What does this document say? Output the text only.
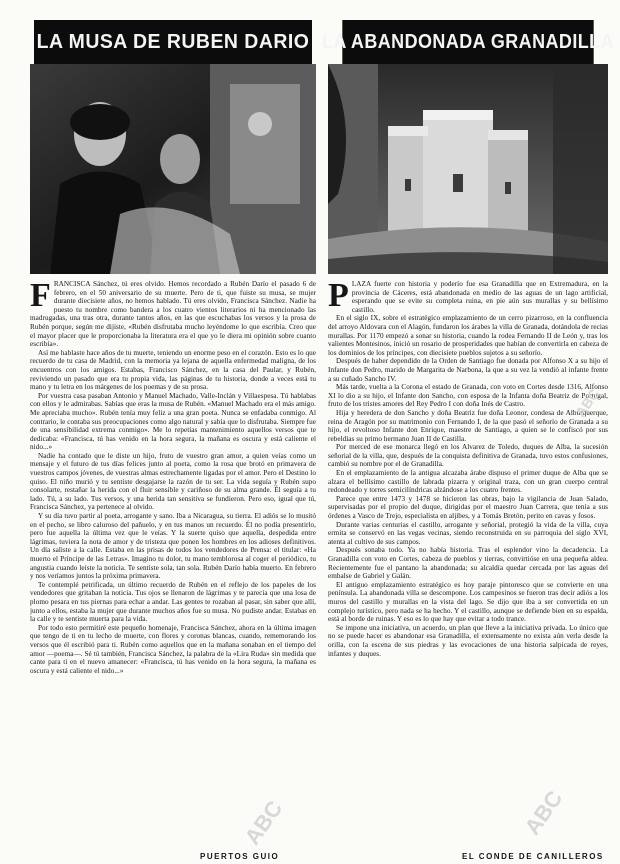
LA MUSA DE RUBEN DARIO

FRANCISCA Sánchez, tú eres olvido. Hemos recordado a Rubén Darío el pasado 6 de febrero, en el 50 aniversario de su muerte. Pero de ti, que fuiste su musa, se mujer durante diecisiete años, no hemos hablado. Tú eres olvido, Francisca Sánchez. Nadie ha puesto tu nombre como bandera a los cuatro vientos literarios ni ha mencionado las madrugadas, una tras otra, durante tantos años, en las que escuchabas los versos y la prosa de Rubén porque, según me dijiste, «Rubén disfrutaba mucho leyéndome lo que escribía. Creo que el mayor placer que le proporcionaba la literatura era el que yo le diera mi opinión sobre cuanto escribía».

Así me hablaste hace años de tu muerte, teniendo un enorme peso en el corazón. Esto es lo que recuerdo de tu casa de Madrid, con la memoria ya lejana de aquella enfermedad maligna, de los encuentros con los amigos. Estabas, Francisco Sánchez, en la casa del Paular, y Rubén, reviviendo un pasado que era tu propia vida, las páginas de tu historia, donde a veces está tu mano y tu letra en los márgenes de los poemas y de su prosa.

Por vuestra casa pasaban Antonio y Manuel Machado, Valle-Inclán y Villaespesa. Tú hablabas con ellos y le admirabas. Sabías que eras la musa de Rubén. «Manuel Machado era el más amigo. Me apreciaba mucho». Rubén tenía muy feliz a una gran poeta. Nunca se enfadaba conmigo. Al contrario, le contaba sus preocupaciones como algo natural y sabía que lo disfrutaba. Siempre fue de una sensibilidad extrema conmigo». Me lo repetías mantenimiento aquellos versos que te dedicaba: «Francisca, tú has venido en la hora segura, la mañana es oscura y está caliente el nido...»

Nadie ha contado que le diste un hijo, fruto de vuestro gran amor, a quien veías como un mensaje y el futuro de tus días felices junto al poeta, como la rosa que brotó en primavera de vuestros campos jóvenes, de vuestras almas estrechamente ligadas por el amor. Pero el Destino lo quiso. El niño murió y tu sentiste desgajarse la razón de tu ser. La vida seguía y Rubén supo consolarte, restañar la herida con el fluir sensible y cariñoso de su alma grande. Él seguía a tu lado. Tú, a su lado. Tus versos, y una herida tan sensitiva se fundieron. Pero eso, igual que tú, Francisca Sánchez, ya pertenece al olvido.

Y su día tuvo partir al poeta, arrogante y sano. Iba a Nicaragua, su tierra. El adiós se lo musitó en el pecho, se libro caluroso del pañuelo, y en tus manos un recuerdo. Él no podía presentirlo, pero fue aquella la última vez que le veías. Y la suerte quiso que aquella, despedida entre lágrimas, tuviera la nota de amor y de tristeza que ponen los hombres en los adioses definitivos. Un día saliste a la calle. Estaba en las prisas de todos los vendedores de Prensa: el titular: «Ha muerto el Príncipe de las Letras». Imagino tu dolor, tu mano temblorosa al coger el periódico, tu angustia cuando leíste la noticia. Te sentiste sola, tan sola. Rubén Darío había muerto. En febrero y nos veríamos juntos la próxima primavera.

Te contemplé petrificada, un último recuerdo de Rubén en el reflejo de los papeles de los vendedores que gritaban la noticia. Tus ojos se llenaron de lágrimas y te parecía que una losa de plomo pesara en tus piernas para echar a andar. Las gentes te rozaban al pasar, sin saber que allí, junto a ellos, estaba la mujer que durante muchos años fue su musa. No pudiste andar. Estabas en la calle y te sentiste muerta para la vida.

Por todo esto permitiré este pequeño homenaje, Francisca Sánchez, ahora en la última imagen que tengo de ti en tu lecho de muerte, con flores y coronas blancas, cuando, rememorando los versos que él escribió para ti. Rubén como aquellos que en la mañana sonaban en el tiempo del amor —poema—. Sé tú también, Francisca Sánchez, la palabra de la «Lira Ruda» sin medida que cante para ti en el nuevo amanecer: «Francisca, tú has venido en la hora segura, la mañana es oscura y está caliente el nido...»

LA ABANDONADA GRANADILLA

PLAZA fuerte con historia y poderío fue esa Granadilla que en Extremadura, en la provincia de Cáceres, está abandonada en medio de las aguas de un lago artificial, esperando que se evite su completa ruina, en pie aún sus murallas y su bellísimo castillo.

En el siglo IX, sobre el estratégico emplazamiento de un cerro pizarroso, en la confluencia del arroyo Aldovara con el Alagón, fundaron los árabes la villa de Granada, dotándola de recias murallas. Por 1170 empezó a sonar su historia, cuando la rodea Fernando II de León y, tras los valientes Montesinos, inició un rosario de prosperidades que habían de convertirla en cabeza de los dominios de los príncipes, con diecisiete pueblos sujetos a su señorío.

Después de haber dependido de la Orden de Santiago fue donada por Alfonso X a su hijo el Infante don Pedro, marido de Margarita de Narbona, la que a su vez la vendió al infante frente a su cuñado Sancho IV.

Más tarde, vuelta a la Corona el estado de Granada, con voto en Cortes desde 1316, Alfonso XI lo dio a su hijo, el Infante don Sancho, con esposa de la Infanta doña Beatriz de Portugal, fruto de los tristes amores del Rey Pedro I con doña Inés de Castro.

Hija y heredera de don Sancho y doña Beatriz fue doña Leonor, condesa de Alburquerque, reina de Aragón por su matrimonio con Fernando I, de la que pasó el señorío de Granada a su hijo, el revoltoso Infante don Enrique, maestre de Santiago, a quien se le confiscó por sus rebeldías su primo hermano Juan II de Castilla.

Por merced de ese monarca llegó en los Alvarez de Toledo, duques de Alba, la sucesión señorial de la villa, que, después de la conquista definitiva de Granada, tuvo estos confusiones, cambió su nombre por el de Granadilla.

En el emplazamiento de la antigua alcazaba árabe dispuso el primer duque de Alba que se alzara el bellísimo castillo de labrada pizarra y original traza, con un gran cuerpo central redondeado y torres semicilíndricas alzándose a los cuatro frentes.

Parece que entre 1473 y 1478 se hicieron las obras, bajo la vigilancia de Juan Salado, supervisadas por el propio del duque, dirigidas por el maestro Juan Carrera, que tenía a sus órdenes a Vasco de Trejo, especialista en aljibes, y a Tomás Bretón, perito en cavas y fosos.

Durante varias centurias el castillo, arrogante y señorial, protegió la vida de la villa, cuya ermita se conservó en las vegas vecinas, siendo reconstruida en su parroquia del siglo XVI, atenta al cultivo de sus campos.

Después sonaba todo. Ya no había historia. Tras el esplendor vino la decadencia. La Granadilla con voto en Cortes, cabeza de pueblos y tierras, convirtióse en una pequeña aldea. Recientemente fue el pantano la abandonada; su alcaldía quedar cercada por las aguas del embalse de Gabriel y Galán.

El antiguo emplazamiento estratégico es hoy paraje pintoresco que se convierte en una península. La abandonada villa se descompone. Los campesinos se fueron tras decir adiós a los muros del castillo y murallas en la vista del lago. Se dijo que iba a ser convertida en un complejo turístico, pero nada se ha hecho. Y el castillo, aunque se defiende bien en su espalda, está al borde de ruinas. Y eso es lo que hay que evitar a todo trance.

Se impone una iniciativa, un acuerdo, un plan que lleve a la iniciativa privada. Lo único que no se puede hacer es abandonar esa Granadilla, el extensamente no exista aún verla desde la orilla, con la escena de sus piedras y las evocaciones de una historia salpicada de reyes, infantes y duques.

PUERTOS GUIO	EL CONDE DE CANILLEROS
ABC	ABC
ABC
